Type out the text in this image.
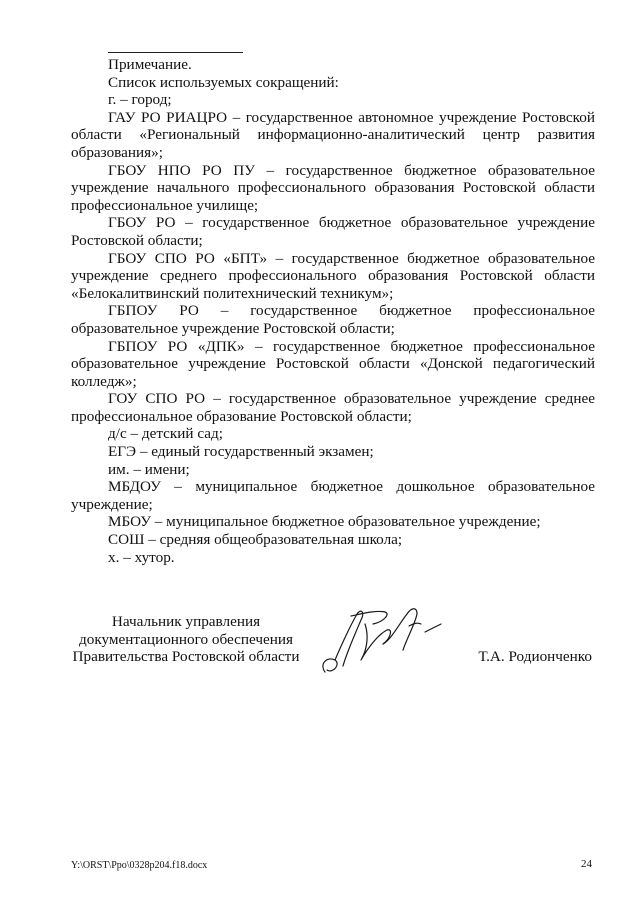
Примечание.

Список используемых сокращений:

г. – город;

ГАУ РО РИАЦРО – государственное автономное учреждение Ростовской области «Региональный информационно-аналитический центр развития образования»;

ГБОУ НПО РО ПУ – государственное бюджетное образовательное учреждение начального профессионального образования Ростовской области профессиональное училище;

ГБОУ РО – государственное бюджетное образовательное учреждение Ростовской области;

ГБОУ СПО РО «БПТ» – государственное бюджетное образовательное учреждение среднего профессионального образования Ростовской области «Белокалитвинский политехнический техникум»;

ГБПОУ РО – государственное бюджетное профессиональное образовательное учреждение Ростовской области;

ГБПОУ РО «ДПК» – государственное бюджетное профессиональное образовательное учреждение Ростовской области «Донской педагогический колледж»;

ГОУ СПО РО – государственное образовательное учреждение среднее профессиональное образование Ростовской области;

д/с – детский сад;

ЕГЭ – единый государственный экзамен;

им. – имени;

МБДОУ – муниципальное бюджетное дошкольное образовательное учреждение;

МБОУ – муниципальное бюджетное образовательное учреждение;

СОШ – средняя общеобразовательная школа;

х. – хутор.

Начальник управления
документационного обеспечения
Правительства Ростовской области	Т.А. Родионченко
Y:\ORST\Ppo\0328p204.f18.docx	24
